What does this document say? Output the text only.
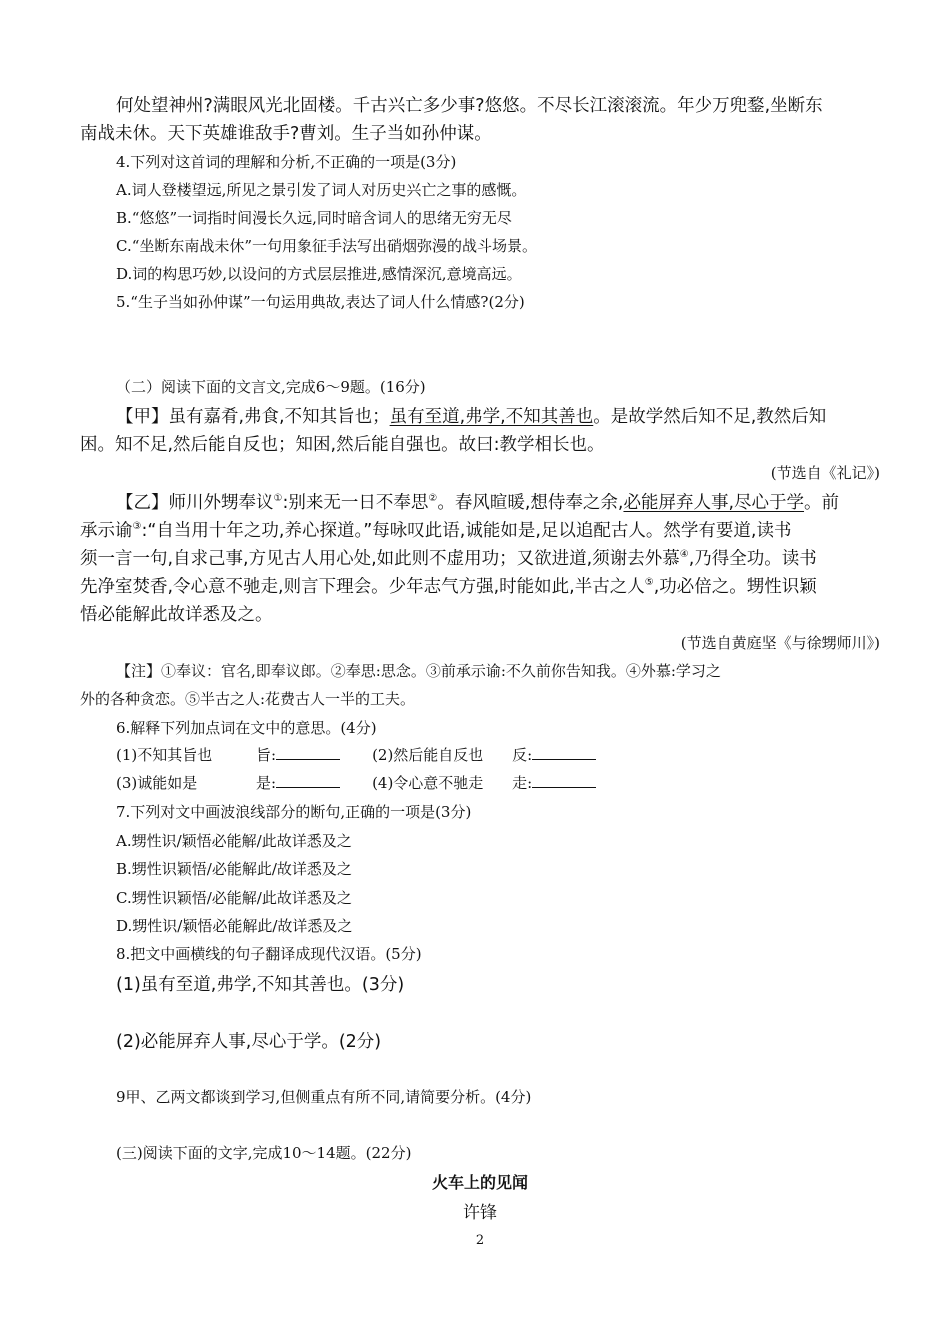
何处望神州?满眼风光北固楼。千古兴亡多少事?悠悠。不尽长江滚滚流。年少万兜鍪,坐断东
南战未休。天下英雄谁敌手?曹刘。生子当如孙仲谋。
4.下列对这首词的理解和分析,不正确的一项是(3分)
A.词人登楼望远,所见之景引发了词人对历史兴亡之事的感慨。
B.“悠悠”一词指时间漫长久远,同时暗含词人的思绪无穷无尽
C.“坐断东南战未休”一句用象征手法写出硝烟弥漫的战斗场景。
D.词的构思巧妙,以设问的方式层层推进,感情深沉,意境高远。
5.“生子当如孙仲谋”一句运用典故,表达了词人什么情感?(2分)
（二）阅读下面的文言文,完成6～9题。(16分)
【甲】虽有嘉肴,弗食,不知其旨也；虽有至道,弗学,不知其善也。是故学然后知不足,教然后知
困。知不足,然后能自反也；知困,然后能自强也。故曰:教学相长也。
(节选自《礼记》)
【乙】师川外甥奉议①:别来无一日不奉思②。春风暄暖,想侍奉之余,必能屏弃人事,尽心于学。前
承示谕③:“自当用十年之功,养心探道。”每咏叹此语,诚能如是,足以追配古人。然学有要道,读书
须一言一句,自求己事,方见古人用心处,如此则不虚用功；又欲进道,须谢去外慕④,乃得全功。读书
先净室焚香,令心意不驰走,则言下理会。少年志气方强,时能如此,半古之人⑤,功必倍之。甥性识颖
悟必能解此故详悉及之。
(节选自黄庭坚《与徐甥师川》)
【注】①奉议：官名,即奉议郎。②奉思:思念。③前承示谕:不久前你告知我。④外慕:学习之
外的各种贪恋。⑤半古之人:花费古人一半的工夫。
6.解释下列加点词在文中的意思。(4分)
(1)不知其旨也	旨:	(2)然后能自反也 反:
(3)诚能如是	是:	(4)令心意不驰走 走:
7.下列对文中画波浪线部分的断句,正确的一项是(3分)
A.甥性识/颖悟必能解/此故详悉及之
B.甥性识颖悟/必能解此/故详悉及之
C.甥性识颖悟/必能解/此故详悉及之
D.甥性识/颖悟必能解此/故详悉及之
8.把文中画横线的句子翻译成现代汉语。(5分)
(1)虽有至道,弗学,不知其善也。(3分)
(2)必能屏弃人事,尽心于学。(2分)
9甲、乙两文都谈到学习,但侧重点有所不同,请简要分析。(4分)
(三)阅读下面的文字,完成10～14题。(22分)
火车上的见闻
许锋
2
